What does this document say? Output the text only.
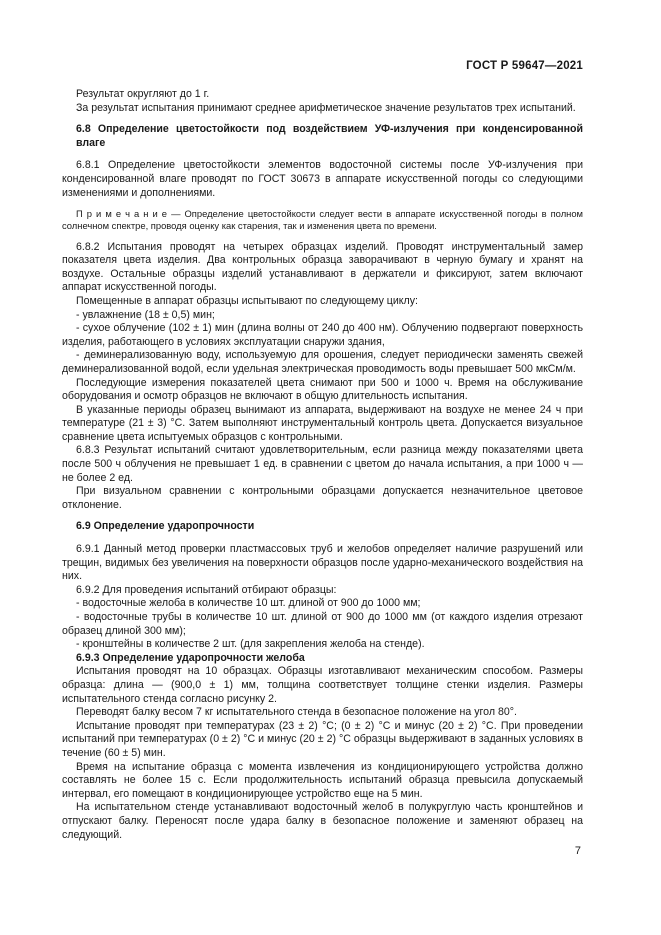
ГОСТ Р 59647—2021

Результат округляют до 1 г.

За результат испытания принимают среднее арифметическое значение результатов трех испытаний.

6.8 Определение цветостойкости под воздействием УФ-излучения при конденсированной влаге

6.8.1 Определение цветостойкости элементов водосточной системы после УФ-излучения при конденсированной влаге проводят по ГОСТ 30673 в аппарате искусственной погоды со следующими изменениями и дополнениями.

П р и м е ч а н и е — Определение цветостойкости следует вести в аппарате искусственной погоды в полном солнечном спектре, проводя оценку как старения, так и изменения цвета по времени.

6.8.2 Испытания проводят на четырех образцах изделий. Проводят инструментальный замер показателя цвета изделия. Два контрольных образца заворачивают в черную бумагу и хранят на воздухе. Остальные образцы изделий устанавливают в держатели и фиксируют, затем включают аппарат искусственной погоды.

Помещенные в аппарат образцы испытывают по следующему циклу:

- увлажнение (18 ± 0,5) мин;

- сухое облучение (102 ± 1) мин (длина волны от 240 до 400 нм). Облучению подвергают поверхность изделия, работающего в условиях эксплуатации снаружи здания,

- деминерализованную воду, используемую для орошения, следует периодически заменять свежей деминерализованной водой, если удельная электрическая проводимость воды превышает 500 мкСм/м.

Последующие измерения показателей цвета снимают при 500 и 1000 ч. Время на обслуживание оборудования и осмотр образцов не включают в общую длительность испытания.

В указанные периоды образец вынимают из аппарата, выдерживают на воздухе не менее 24 ч при температуре (21 ± 3) °С. Затем выполняют инструментальный контроль цвета. Допускается визуальное сравнение цвета испытуемых образцов с контрольными.

6.8.3 Результат испытаний считают удовлетворительным, если разница между показателями цвета после 500 ч облучения не превышает 1 ед. в сравнении с цветом до начала испытания, а при 1000 ч — не более 2 ед.

При визуальном сравнении с контрольными образцами допускается незначительное цветовое отклонение.

6.9 Определение ударопрочности

6.9.1 Данный метод проверки пластмассовых труб и желобов определяет наличие разрушений или трещин, видимых без увеличения на поверхности образцов после ударно-механического воздействия на них.

6.9.2 Для проведения испытаний отбирают образцы:

- водосточные желоба в количестве 10 шт. длиной от 900 до 1000 мм;

- водосточные трубы в количестве 10 шт. длиной от 900 до 1000 мм (от каждого изделия отрезают образец длиной 300 мм);

- кронштейны в количестве 2 шт. (для закрепления желоба на стенде).

6.9.3 Определение ударопрочности желоба

Испытания проводят на 10 образцах. Образцы изготавливают механическим способом. Размеры образца: длина — (900,0 ± 1) мм, толщина соответствует толщине стенки изделия. Размеры испытательного стенда согласно рисунку 2.

Переводят балку весом 7 кг испытательного стенда в безопасное положение на угол 80°.

Испытание проводят при температурах (23 ± 2) °С; (0 ± 2) °С и минус (20 ± 2) °С. При проведении испытаний при температурах (0 ± 2) °С и минус (20 ± 2) °С образцы выдерживают в заданных условиях в течение (60 ± 5) мин.

Время на испытание образца с момента извлечения из кондиционирующего устройства должно составлять не более 15 с. Если продолжительность испытаний образца превысила допускаемый интервал, его помещают в кондиционирующее устройство еще на 5 мин.

На испытательном стенде устанавливают водосточный желоб в полукруглую часть кронштейнов и отпускают балку. Переносят после удара балку в безопасное положение и заменяют образец на следующий.

7
